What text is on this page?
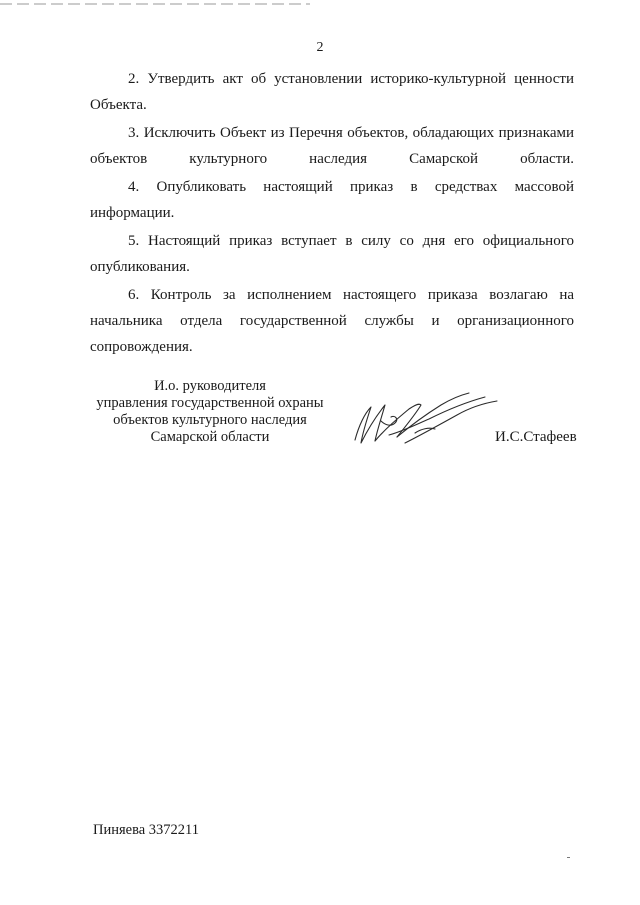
2

2. Утвердить акт об установлении историко-культурной ценности Объекта.

3. Исключить Объект из Перечня объектов, обладающих признаками объектов культурного наследия Самарской области.

4. Опубликовать настоящий приказ в средствах массовой информации.

5. Настоящий приказ вступает в силу со дня его официального опубликования.

6. Контроль за исполнением настоящего приказа возлагаю на начальника отдела государственной службы и организационного сопровождения.

И.о. руководителя
управления государственной охраны
объектов культурного наследия
Самарской области	И.С.Стафеев
Пиняева 3372211
